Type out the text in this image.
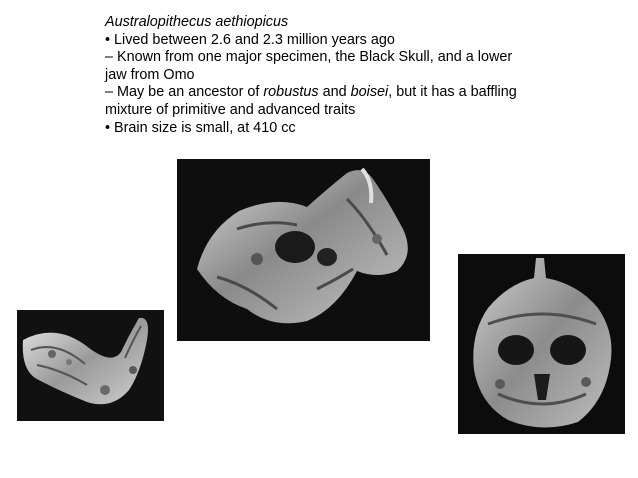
Australopithecus aethiopicus

• Lived between 2.6 and 2.3 million years ago

– Known from one major specimen, the Black Skull, and a lower jaw from Omo

– May be an ancestor of robustus and boisei, but it has a baffling mixture of primitive and advanced traits

• Brain size is small, at 410 cc
